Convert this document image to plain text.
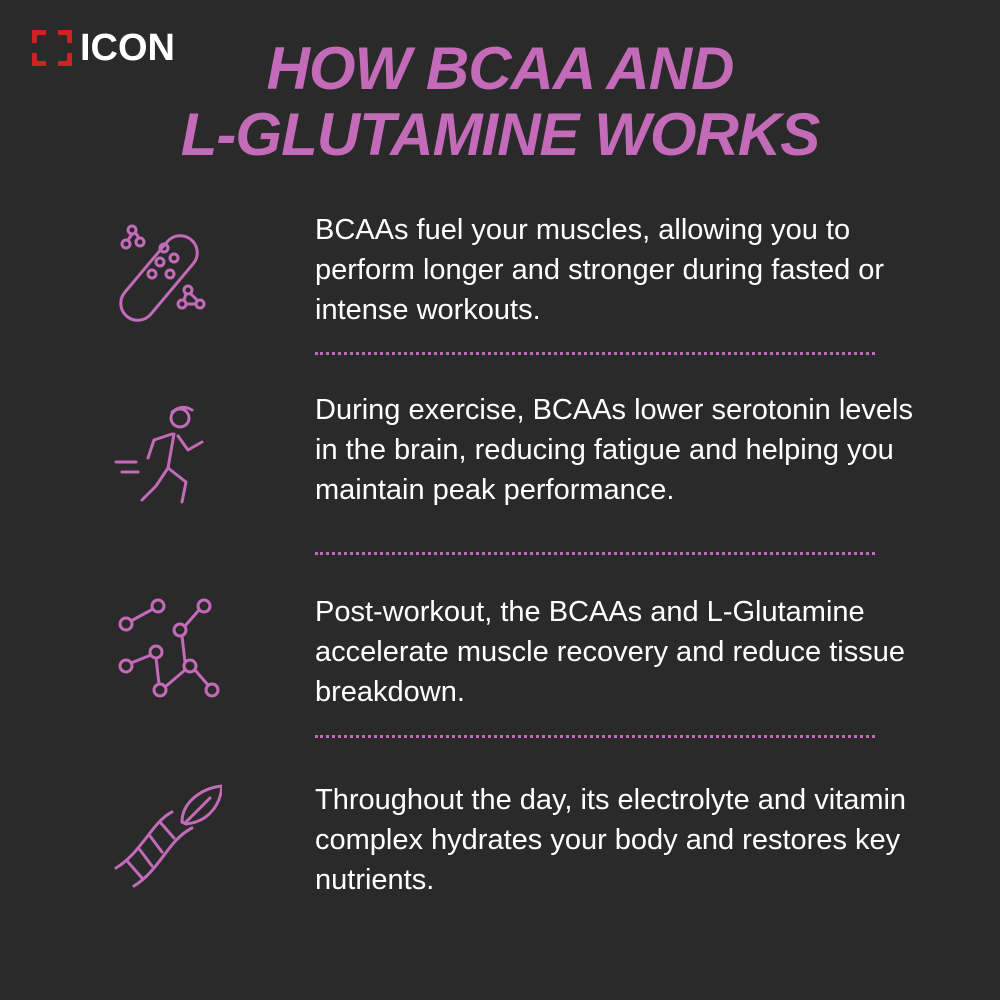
ICON	HOW BCAA AND
L-GLUTAMINE WORKS
BCAAs fuel your muscles, allowing you to perform longer and stronger during fasted or intense workouts.
During exercise, BCAAs lower serotonin levels in the brain, reducing fatigue and helping you maintain peak performance.
Post-workout, the BCAAs and L-Glutamine accelerate muscle recovery and reduce tissue breakdown.
Throughout the day, its electrolyte and vitamin complex hydrates your body and restores key nutrients.
